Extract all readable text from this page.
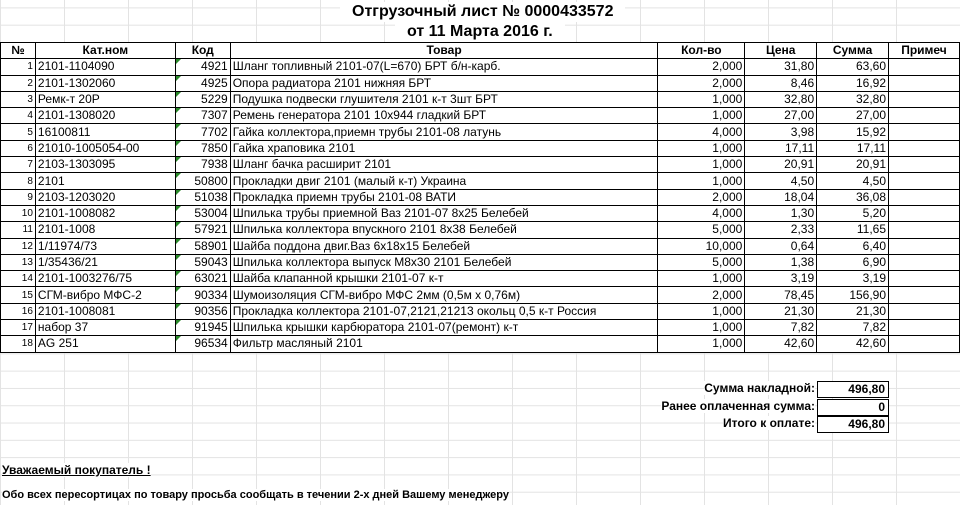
Отгрузочный лист № 0000433572
от 11 Марта 2016 г.
№	Кат.ном	Код	Товар	Кол-во	Цена	Сумма	Примеч
1	2101-1104090	4921	Шланг топливный 2101-07(L=670) БРТ б/н-карб.	2,000	31,80	63,60	
2	2101-1302060	4925	Опора радиатора 2101 нижняя БРТ	2,000	8,46	16,92	
3	Ремк-т 20Р	5229	Подушка подвески глушителя 2101 к-т 3шт БРТ	1,000	32,80	32,80	
4	2101-1308020	7307	Ремень генератора 2101 10х944 гладкий БРТ	1,000	27,00	27,00	
5	16100811	7702	Гайка коллектора,приемн трубы 2101-08 латунь	4,000	3,98	15,92	
6	21010-1005054-00	7850	Гайка храповика 2101	1,000	17,11	17,11	
7	2103-1303095	7938	Шланг бачка расширит 2101	1,000	20,91	20,91	
8	2101	50800	Прокладки двиг 2101 (малый к-т) Украина	1,000	4,50	4,50	
9	2103-1203020	51038	Прокладка приемн трубы 2101-08 ВАТИ	2,000	18,04	36,08	
10	2101-1008082	53004	Шпилька трубы приемной Ваз 2101-07 8х25 Белебей	4,000	1,30	5,20	
11	2101-1008	57921	Шпилька коллектора впускного 2101 8х38 Белебей	5,000	2,33	11,65	
12	1/11974/73	58901	Шайба поддона двиг.Ваз 6х18х15 Белебей	10,000	0,64	6,40	
13	1/35436/21	59043	Шпилька коллектора выпуск М8х30 2101 Белебей	5,000	1,38	6,90	
14	2101-1003276/75	63021	Шайба клапанной крышки 2101-07 к-т	1,000	3,19	3,19	
15	СГМ-вибро МФС-2	90334	Шумоизоляция СГМ-вибро МФС 2мм (0,5м х 0,76м)	2,000	78,45	156,90	
16	2101-1008081	90356	Прокладка коллектора 2101-07,2121,21213 окольц 0,5 к-т Россия	1,000	21,30	21,30	
17	набор 37	91945	Шпилька крышки карбюратора 2101-07(ремонт) к-т	1,000	7,82	7,82	
18	AG 251	96534	Фильтр масляный 2101	1,000	42,60	42,60	
Сумма накладной:	496,80
Ранее оплаченная сумма:	0
Итого к оплате:	496,80
Уважаемый покупатель !
Обо всех пересортицах по товару просьба сообщать в течении 2-х дней Вашему менеджеру
